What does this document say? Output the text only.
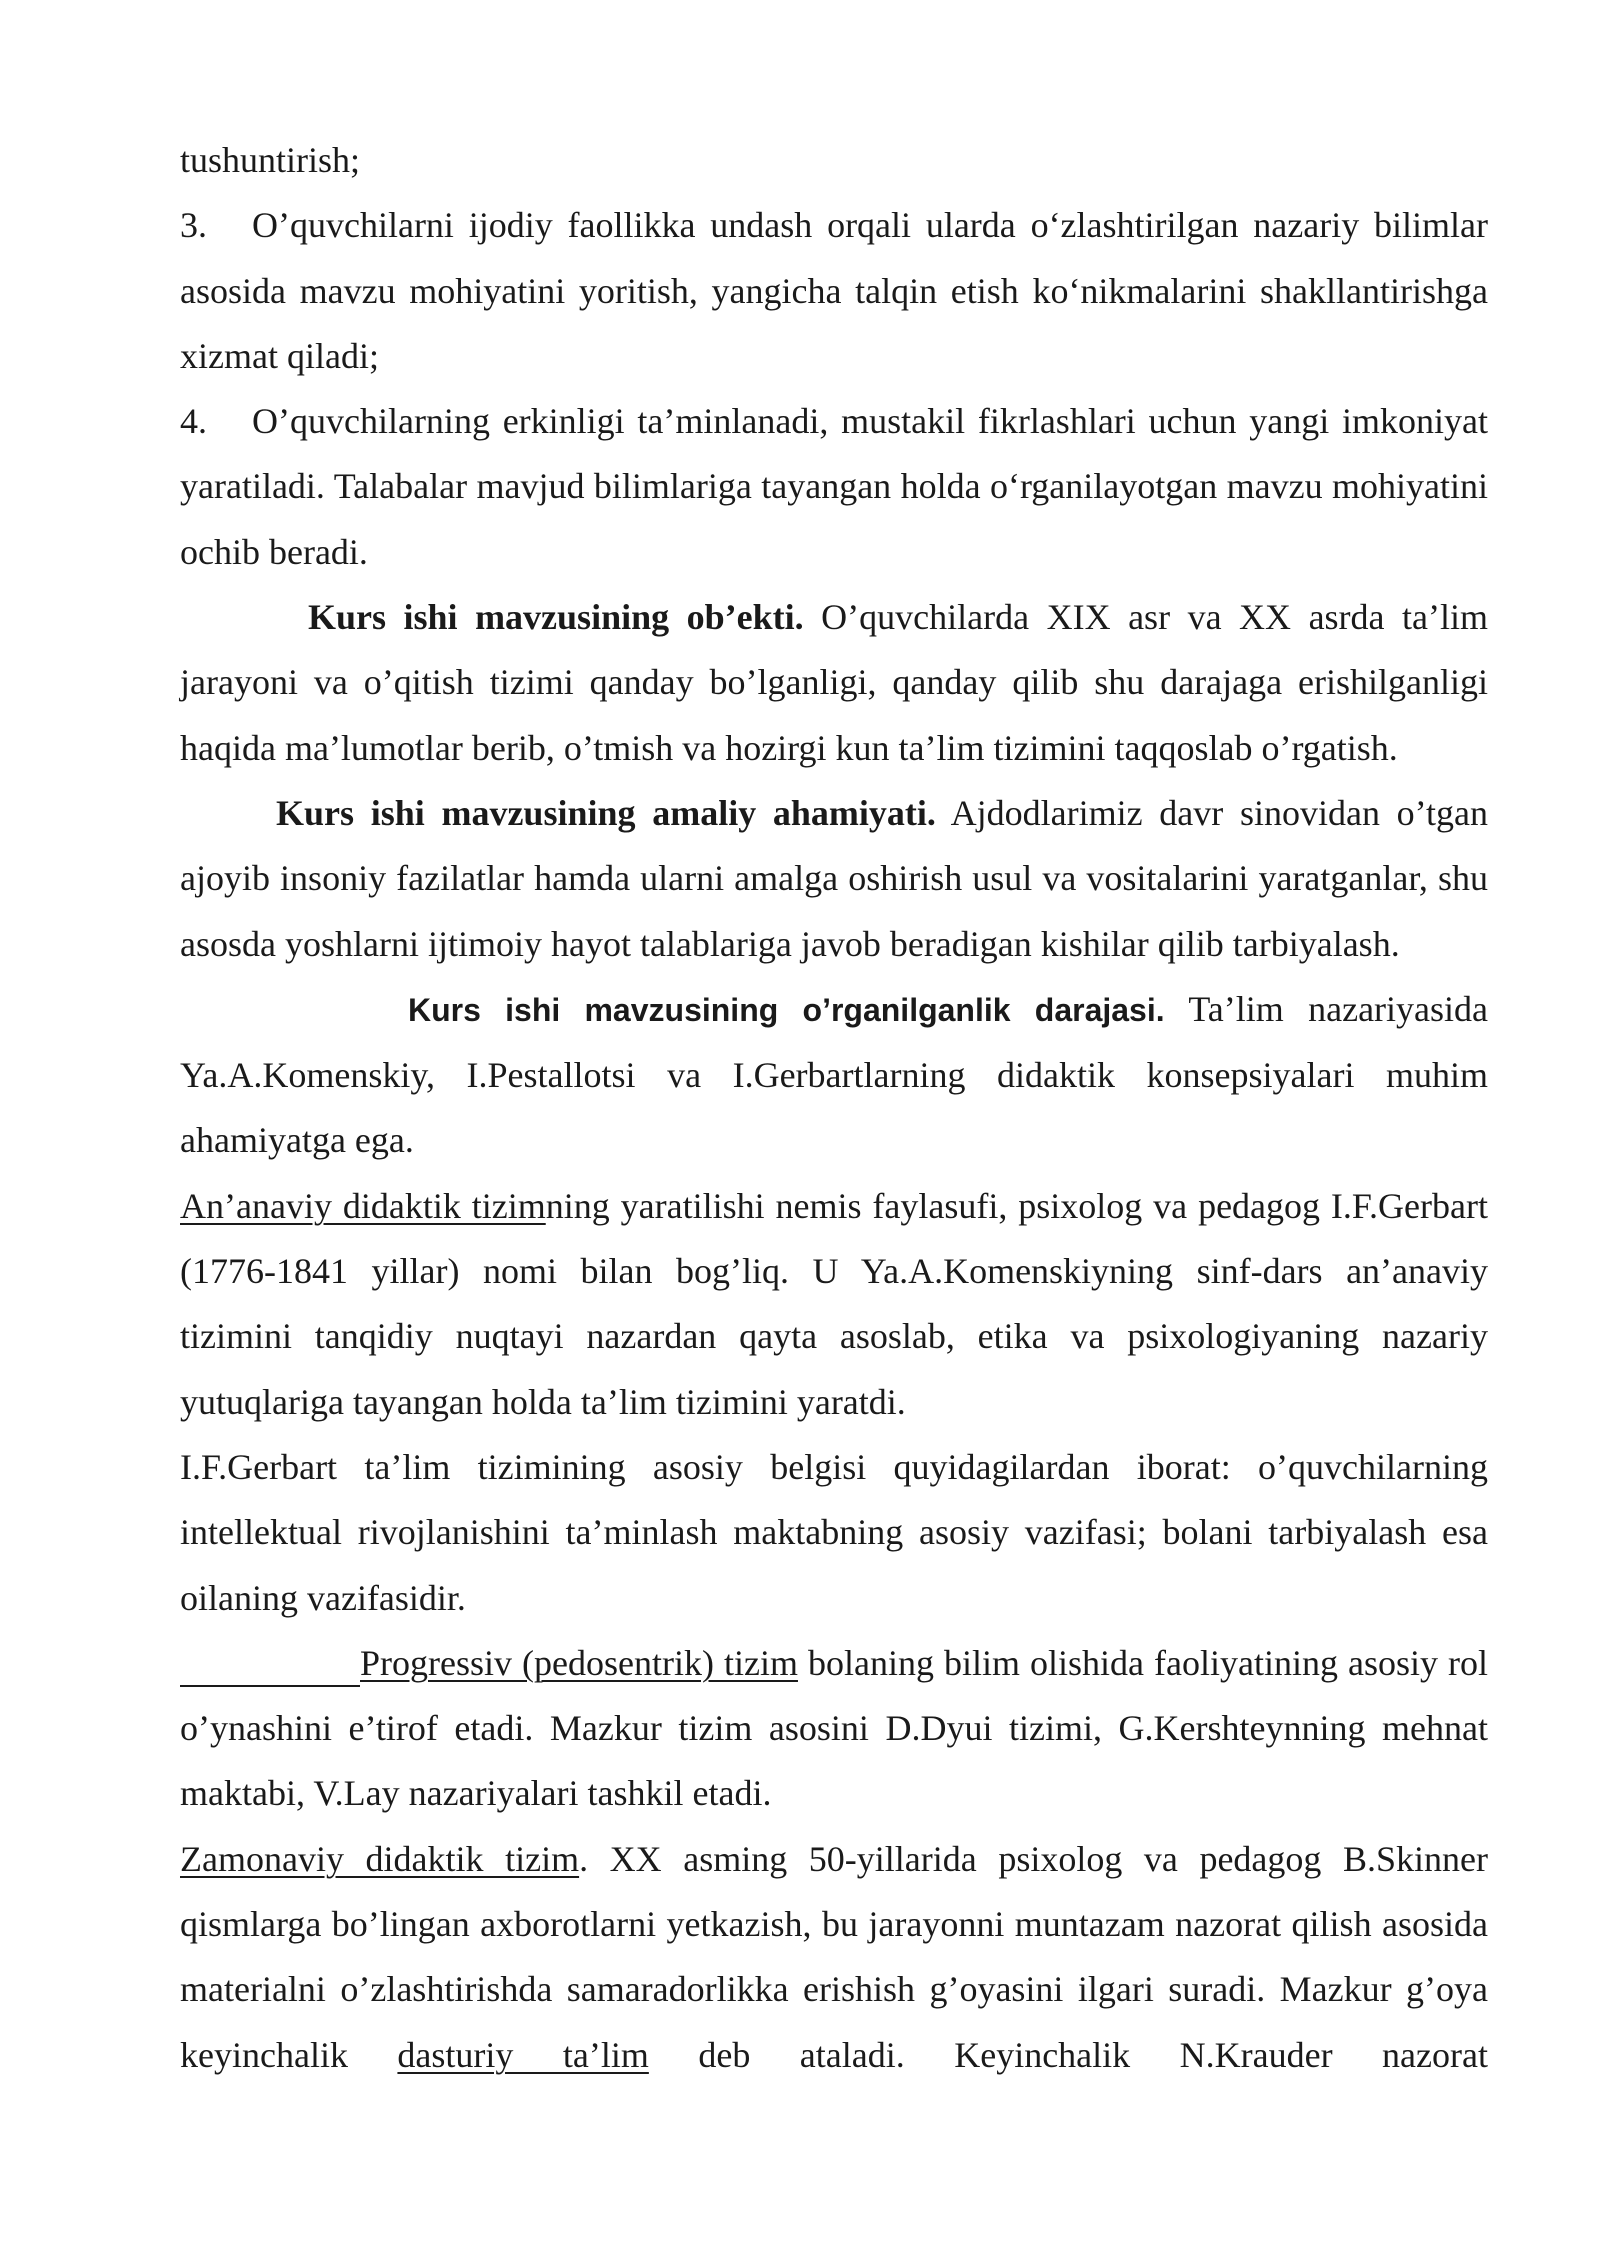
tushuntirish;

3. O’quvchilarni ijodiy faollikka undash orqali ularda o‘zlashtirilgan nazariy bilimlar asosida mavzu mohiyatini yoritish, yangicha talqin etish ko‘nikmalarini shakllantirishga xizmat qiladi;

4. O’quvchilarning erkinligi ta’minlanadi, mustakil fikrlashlari uchun yangi imkoniyat yaratiladi. Talabalar mavjud bilimlariga tayangan holda o‘rganilayotgan mavzu mohiyatini ochib beradi.

Kurs ishi mavzusining ob’ekti. O’quvchilarda XIX asr va XX asrda ta’lim jarayoni va o’qitish tizimi qanday bo’lganligi, qanday qilib shu darajaga erishilganligi haqida ma’lumotlar berib, o’tmish va hozirgi kun ta’lim tizimini taqqoslab o’rgatish.

Kurs ishi mavzusining amaliy ahamiyati. Ajdodlarimiz davr sinovidan o’tgan ajoyib insoniy fazilatlar hamda ularni amalga oshirish usul va vositalarini yaratganlar, shu asosda yoshlarni ijtimoiy hayot talablariga javob beradigan kishilar qilib tarbiyalash.

Kurs ishi mavzusining o’rganilganlik darajasi. Ta’lim nazariyasida Ya.A.Komenskiy, I.Pestallotsi va I.Gerbartlarning didaktik konsepsiyalari muhim ahamiyatga ega.

An’anaviy didaktik tizimning yaratilishi nemis faylasufi, psixolog va pedagog I.F.Gerbart (1776-1841 yillar) nomi bilan bog’liq. U Ya.A.Komenskiyning sinf-dars an’anaviy tizimini tanqidiy nuqtayi nazardan qayta asoslab, etika va psixologiyaning nazariy yutuqlariga tayangan holda ta’lim tizimini yaratdi.

I.F.Gerbart ta’lim tizimining asosiy belgisi quyidagilardan iborat: o’quvchilarning intellektual rivojlanishini ta’minlash maktabning asosiy vazifasi; bolani tarbiyalash esa oilaning vazifasidir.

Progressiv (pedosentrik) tizim bolaning bilim olishida faoliyatining asosiy rol o’ynashini e’tirof etadi. Mazkur tizim asosini D.Dyui tizimi, G.Kershteynning mehnat maktabi, V.Lay nazariyalari tashkil etadi.

Zamonaviy didaktik tizim. XX asming 50-yillarida psixolog va pedagog B.Skinner qismlarga bo’lingan axborotlarni yetkazish, bu jarayonni muntazam nazorat qilish asosida materialni o’zlashtirishda samaradorlikka erishish g’oyasini ilgari suradi. Mazkur g’oya keyinchalik dasturiy ta’lim deb ataladi. Keyinchalik N.Krauder nazorat
